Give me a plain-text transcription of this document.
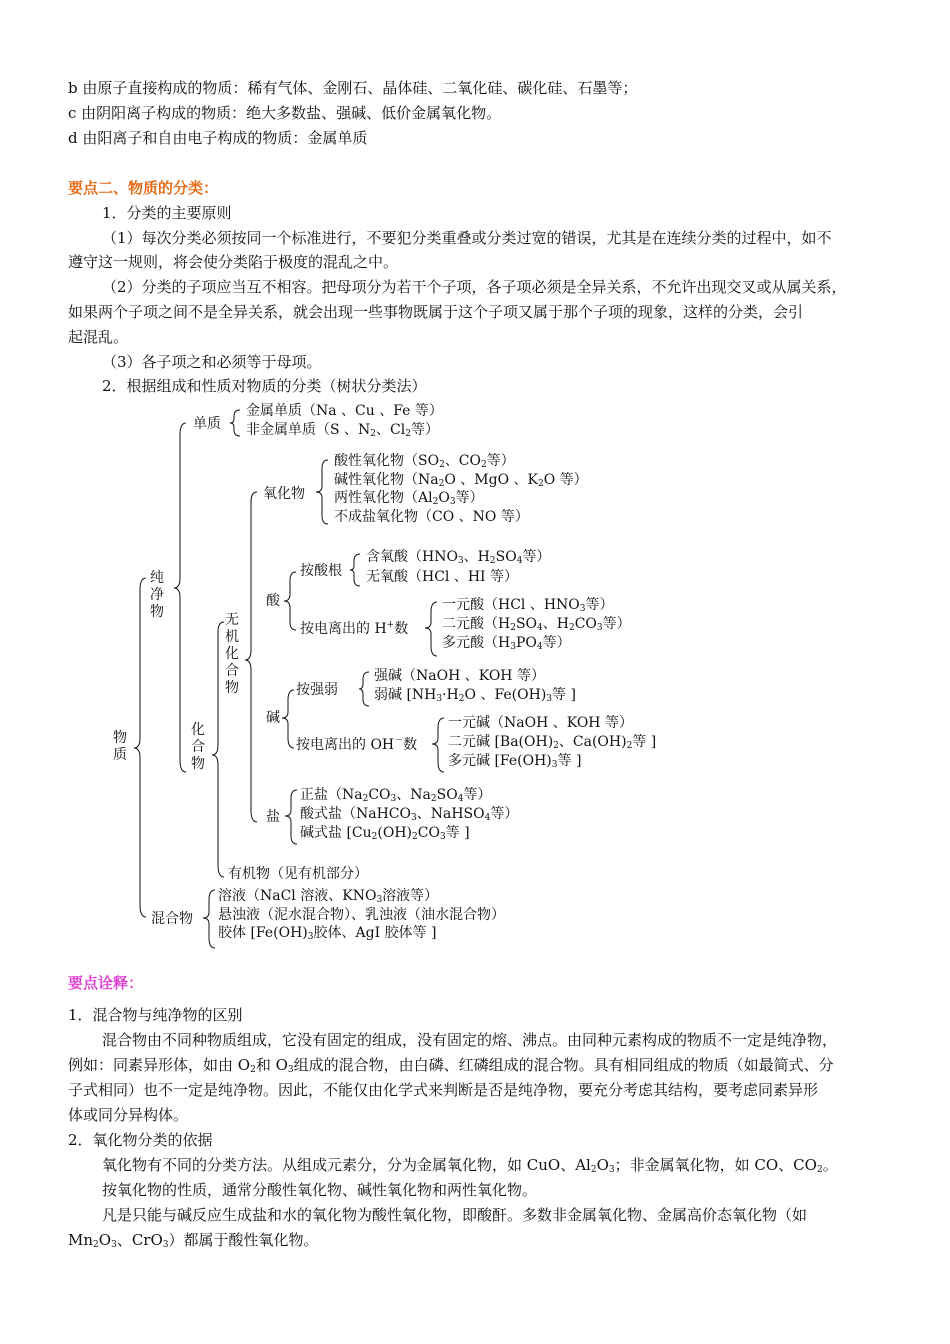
b 由原子直接构成的物质：稀有气体、金刚石、晶体硅、二氧化硅、碳化硅、石墨等；
c 由阴阳离子构成的物质：绝大多数盐、强碱、低价金属氧化物。
d 由阳离子和自由电子构成的物质：金属单质
要点二、物质的分类：
1．分类的主要原则
（1）每次分类必须按同一个标准进行，不要犯分类重叠或分类过宽的错误，尤其是在连续分类的过程中，如不
遵守这一规则，将会使分类陷于极度的混乱之中。
（2）分类的子项应当互不相容。把母项分为若干个子项，各子项必须是全异关系，不允许出现交叉或从属关系，
如果两个子项之间不是全异关系，就会出现一些事物既属于这个子项又属于那个子项的现象，这样的分类，会引
起混乱。
（3）各子项之和必须等于母项。
2．根据组成和性质对物质的分类（树状分类法）
物质
纯净物
单质
金属单质（Na 、Cu 、Fe 等）
非金属单质（S 、$N_2$、$Cl_2$等）
化合物
无机化合物
氧化物
酸性氧化物（$SO_2$、$CO_2$等）
碱性氧化物（$Na_2O$ 、MgO 、$K_2O$ 等）
两性氧化物（$Al_2O_3$等）
不成盐氧化物（CO 、NO 等）
酸
按酸根
含氧酸（$HNO_3$、$H_2SO_4$等）
无氧酸（HCl 、HI 等）
按电离出的 H+数
一元酸（HCl 、$HNO_3$等）
二元酸（$H_2SO_4$、$H_2CO_3$等）
多元酸（$H_3PO_4$等）
碱
按强弱
强碱（NaOH 、KOH 等）
弱碱 [$NH_3\cdot H_2O$ 、$Fe(OH)_3$等 ]
按电离出的 OH－数
一元碱（NaOH 、KOH 等）
二元碱 [$Ba(OH)_2$、$Ca(OH)_2$等 ]
多元碱 [$Fe(OH)_3$等 ]
盐
正盐（$Na_2CO_3$、$Na_2SO_4$等）
酸式盐（NaHCO$_3$、NaHSO$_4$等）
碱式盐 [$Cu_2(OH)_2CO_3$等 ]
有机物（见有机部分）
混合物
溶液（NaCl 溶液、$KNO_3$溶液等）
悬浊液（泥水混合物）、乳浊液（油水混合物）
胶体 [$Fe(OH)_3$胶体、AgI 胶体等 ]
要点诠释：
1．混合物与纯净物的区别
混合物由不同种物质组成，它没有固定的组成，没有固定的熔、沸点。由同种元素构成的物质不一定是纯净物，
例如：同素异形体，如由 $O_2$和 $O_3$组成的混合物，由白磷、红磷组成的混合物。具有相同组成的物质（如最简式、分
子式相同）也不一定是纯净物。因此，不能仅由化学式来判断是否是纯净物，要充分考虑其结构，要考虑同素异形
体或同分异构体。
2．氧化物分类的依据
氧化物有不同的分类方法。从组成元素分，分为金属氧化物，如 CuO、$Al_2O_3$；非金属氧化物，如 CO、$CO_2$。
按氧化物的性质，通常分酸性氧化物、碱性氧化物和两性氧化物。
凡是只能与碱反应生成盐和水的氧化物为酸性氧化物，即酸酐。多数非金属氧化物、金属高价态氧化物（如
$Mn_2O_3$、CrO$_3$）都属于酸性氧化物。
